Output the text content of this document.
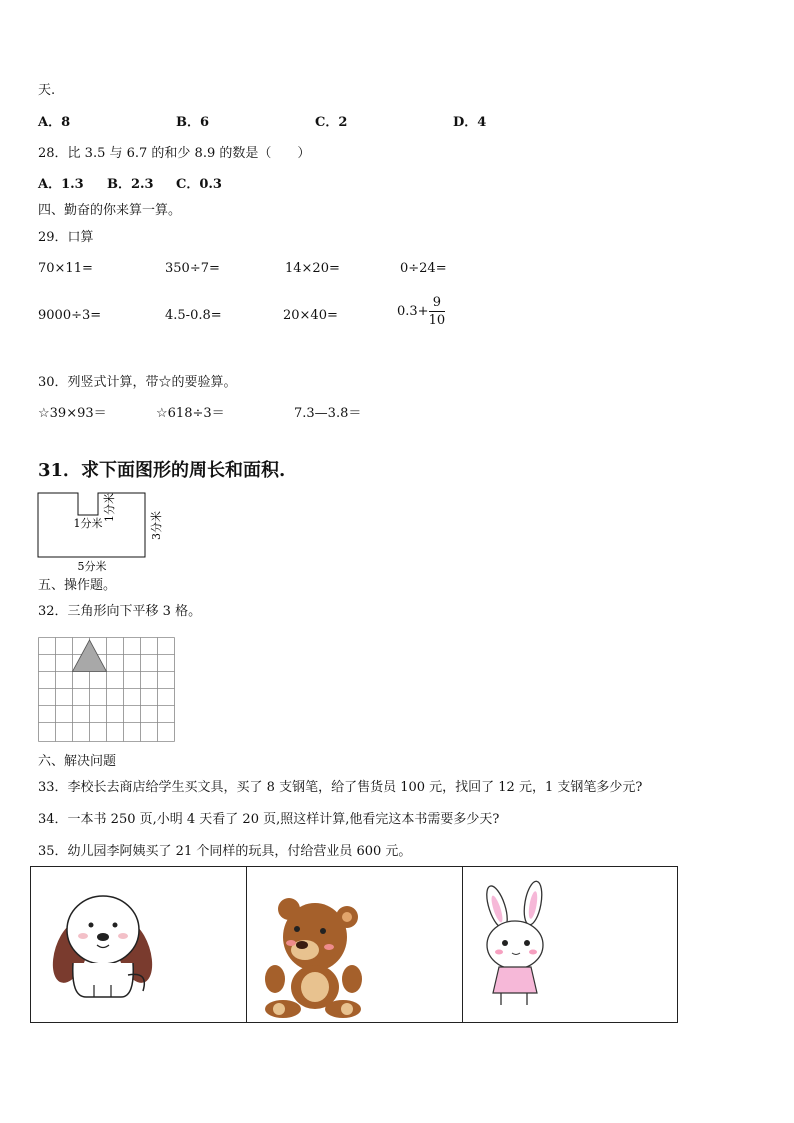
天.
A．8	B．6	C．2	D．4
28．比 3.5 与 6.7 的和少 8.9 的数是（　　）
A．1.3 B．2.3 C．0.3
四、勤奋的你来算一算。
29．口算
70×11=	350÷7=	14×20=	0÷24=
9000÷3=	4.5-0.8=	20×40=	$0.3+ \frac{9}{10}$
30．列竖式计算，带☆的要验算。
☆39×93＝	☆618÷3＝	7.3—3.8＝
31．求下面图形的周长和面积.
1分米
1分米
3分米
5分米
五、操作题。
32．三角形向下平移 3 格。
六、解决问题
33．李校长去商店给学生买文具，买了 8 支钢笔，给了售货员 100 元，找回了 12 元，1 支钢笔多少元?
34．一本书 250 页,小明 4 天看了 20 页,照这样计算,他看完这本书需要多少天?
35．幼儿园李阿姨买了 21 个同样的玩具，付给营业员 600 元。
